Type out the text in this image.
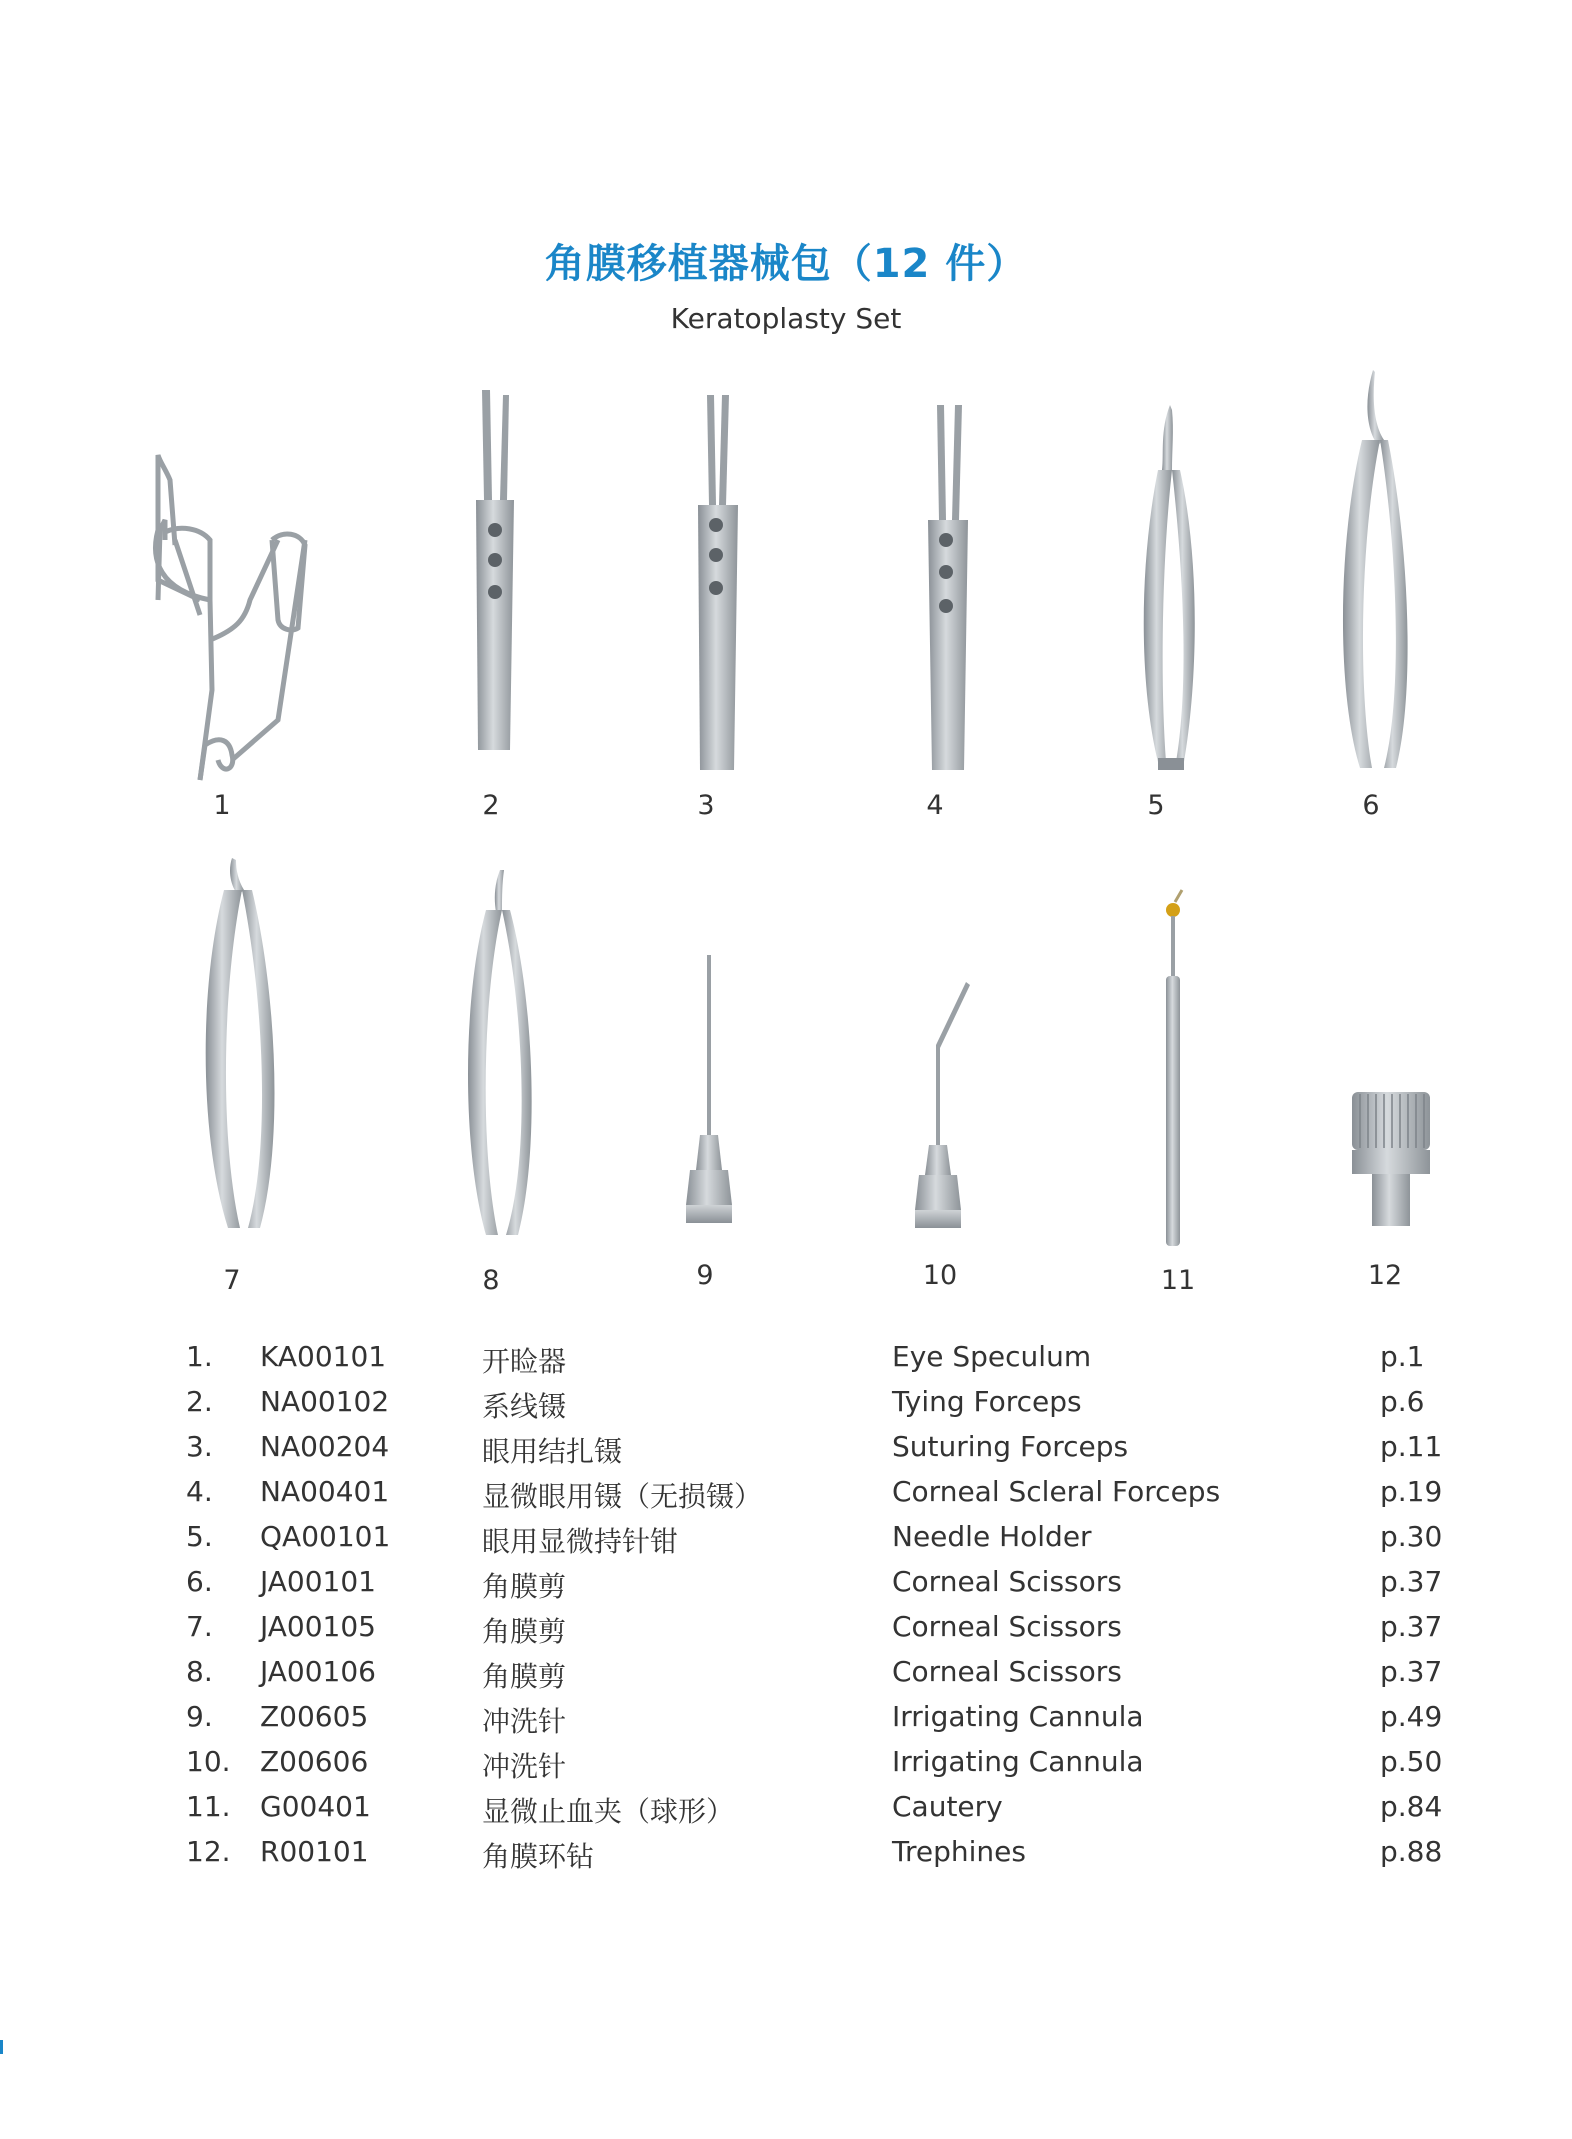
角膜移植器械包（12 件）
Keratoplasty Set
1	2	3	4	5	6
7	8	9	10	11	12
1. KA00101	开睑器	Eye Speculum	p.1
2. NA00102	系线镊	Tying Forceps	p.6
3. NA00204	眼用结扎镊	Suturing Forceps	p.11
4. NA00401	显微眼用镊（无损镊）	Corneal Scleral Forceps	p.19
5. QA00101	眼用显微持针钳	Needle Holder	p.30
6. JA00101	角膜剪	Corneal Scissors	p.37
7. JA00105	角膜剪	Corneal Scissors	p.37
8. JA00106	角膜剪	Corneal Scissors	p.37
9. Z00605	冲洗针	Irrigating Cannula	p.49
10. Z00606	冲洗针	Irrigating Cannula	p.50
11. G00401	显微止血夹（球形）	Cautery	p.84
12. R00101	角膜环钻	Trephines	p.88
